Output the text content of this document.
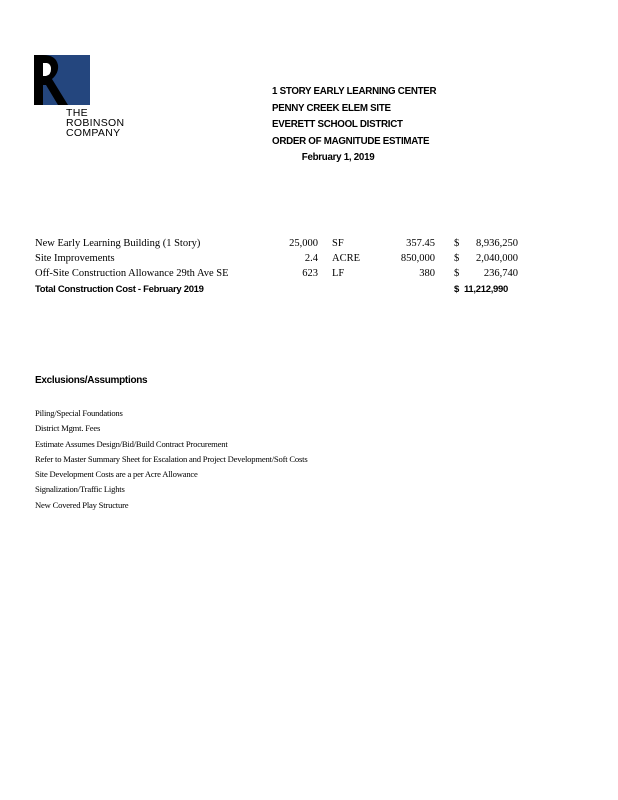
THE
ROBINSON
COMPANY
1 STORY EARLY LEARNING CENTER
PENNY CREEK ELEM SITE
EVERETT SCHOOL DISTRICT
ORDER OF MAGNITUDE ESTIMATE
February 1, 2019
New Early Learning Building (1 Story)	25,000 SF	357.45 $ 8,936,250
Site Improvements	2.4 ACRE	850,000 $ 2,040,000
Off-Site Construction Allowance 29th Ave SE	623 LF	380 $ 236,740
Total Construction Cost - February 2019	$ 11,212,990
Exclusions/Assumptions
Piling/Special Foundations
District Mgmt. Fees
Estimate Assumes Design/Bid/Build Contract Procurement
Refer to Master Summary Sheet for Escalation and Project Development/Soft Costs
Site Development Costs are a per Acre Allowance
Signalization/Traffic Lights
New Covered Play Structure
